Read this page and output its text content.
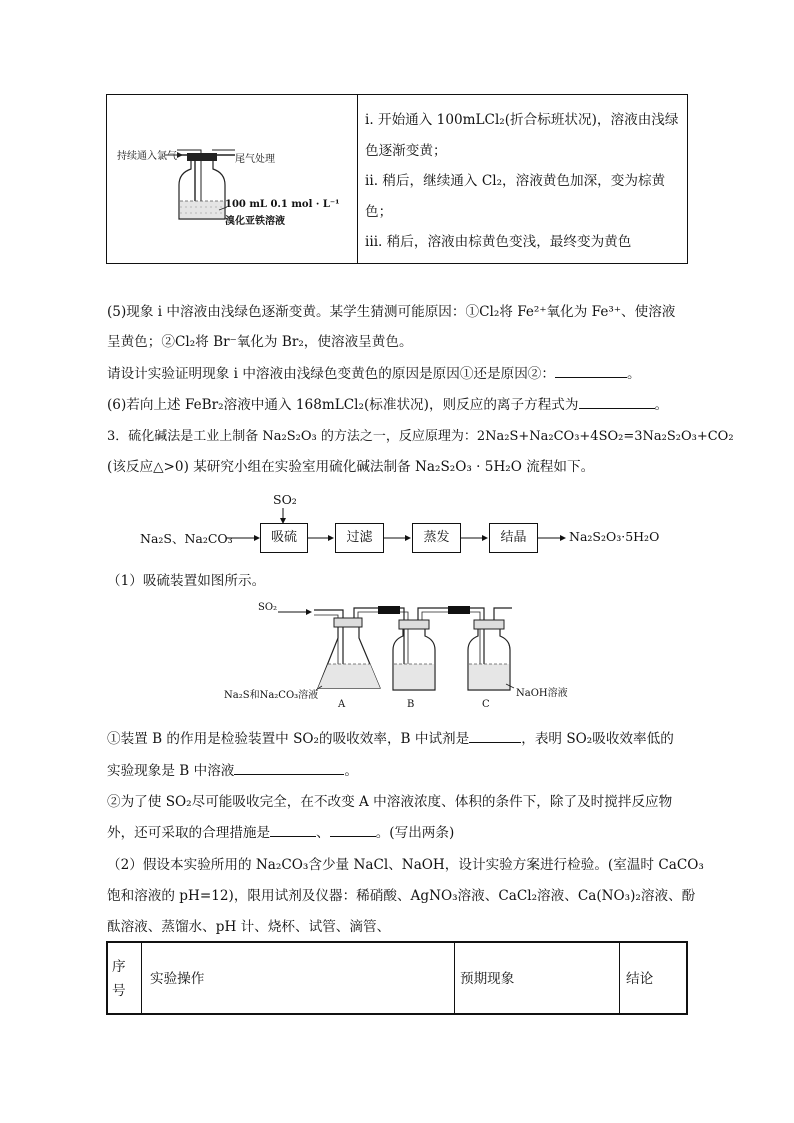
持续通入氯气	尾气处理
100 mL 0.1 mol · L⁻¹
溴化亚铁溶液
i. 开始通入 100mLCl₂(折合标班状况)，溶液由浅绿
色逐渐变黄；
ii. 稍后，继续通入 Cl₂，溶液黄色加深，变为棕黄
色；
iii. 稍后，溶液由棕黄色变浅，最终变为黄色
(5)现象 i 中溶液由浅绿色逐渐变黄。某学生猜测可能原因：①Cl₂将 Fe²⁺氧化为 Fe³⁺、使溶液
呈黄色；②Cl₂将 Br⁻氧化为 Br₂，使溶液呈黄色。
请设计实验证明现象 i 中溶液由浅绿色变黄色的原因是原因①还是原因②：	。
(6)若向上述 FeBr₂溶液中通入 168mLCl₂(标准状况)，则反应的离子方程式为	。
3．硫化碱法是工业上制备 Na₂S₂O₃ 的方法之一，反应原理为：2Na₂S+Na₂CO₃+4SO₂=3Na₂S₂O₃+CO₂
(该反应△>0) 某研究小组在实验室用硫化碱法制备 Na₂S₂O₃ · 5H₂O 流程如下。
Na₂S、Na₂CO₃
SO₂
吸硫	过滤	蒸发	结晶	Na₂S₂O₃·5H₂O
（1）吸硫装置如图所示。
SO₂
Na₂S和Na₂CO₃溶液	NaOH溶液
A	B	C
①装置 B 的作用是检验装置中 SO₂的吸收效率，B 中试剂是	，表明 SO₂吸收效率低的
实验现象是 B 中溶液	。
②为了使 SO₂尽可能吸收完全，在不改变 A 中溶液浓度、体积的条件下，除了及时搅拌反应物
外，还可采取的合理措施是	、	。(写出两条)
（2）假设本实验所用的 Na₂CO₃含少量 NaCl、NaOH，设计实验方案进行检验。(室温时 CaCO₃
饱和溶液的 pH=12)，限用试剂及仪器：稀硝酸、AgNO₃溶液、CaCl₂溶液、Ca(NO₃)₂溶液、酚
酞溶液、蒸馏水、pH 计、烧杯、试管、滴管、
序
号
实验操作	预期现象	结论
